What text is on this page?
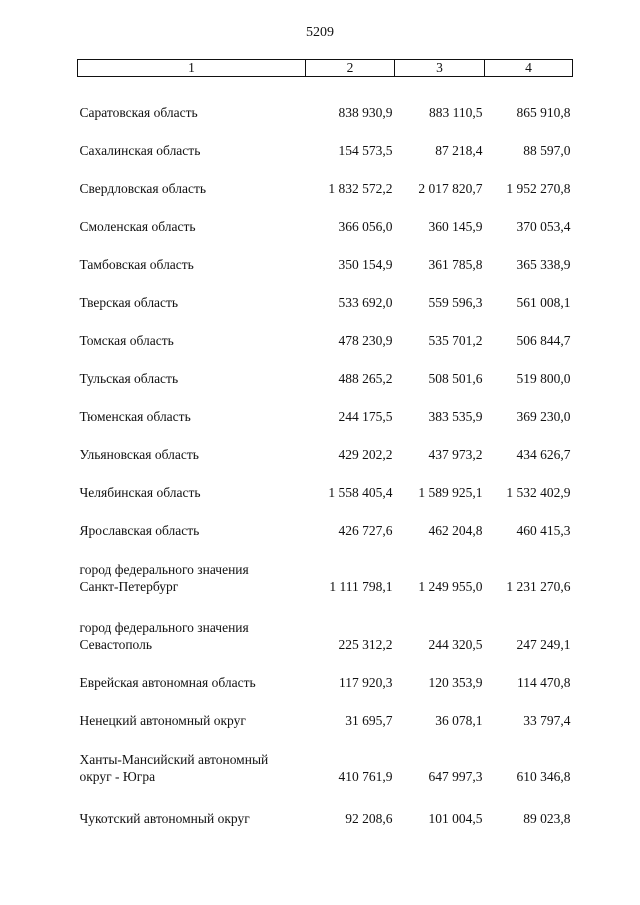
5209
1	2	3	4
Саратовская область	838 930,9	883 110,5	865 910,8
Сахалинская область	154 573,5	87 218,4	88 597,0
Свердловская область	1 832 572,2	2 017 820,7	1 952 270,8
Смоленская область	366 056,0	360 145,9	370 053,4
Тамбовская область	350 154,9	361 785,8	365 338,9
Тверская область	533 692,0	559 596,3	561 008,1
Томская область	478 230,9	535 701,2	506 844,7
Тульская область	488 265,2	508 501,6	519 800,0
Тюменская область	244 175,5	383 535,9	369 230,0
Ульяновская область	429 202,2	437 973,2	434 626,7
Челябинская область	1 558 405,4	1 589 925,1	1 532 402,9
Ярославская область	426 727,6	462 204,8	460 415,3
город федерального значения
Санкт-Петербург	1 111 798,1	1 249 955,0	1 231 270,6
город федерального значения
Севастополь	225 312,2	244 320,5	247 249,1
Еврейская автономная область	117 920,3	120 353,9	114 470,8
Ненецкий автономный округ	31 695,7	36 078,1	33 797,4
Ханты-Мансийский автономный
округ - Югра	410 761,9	647 997,3	610 346,8
Чукотский автономный округ	92 208,6	101 004,5	89 023,8
